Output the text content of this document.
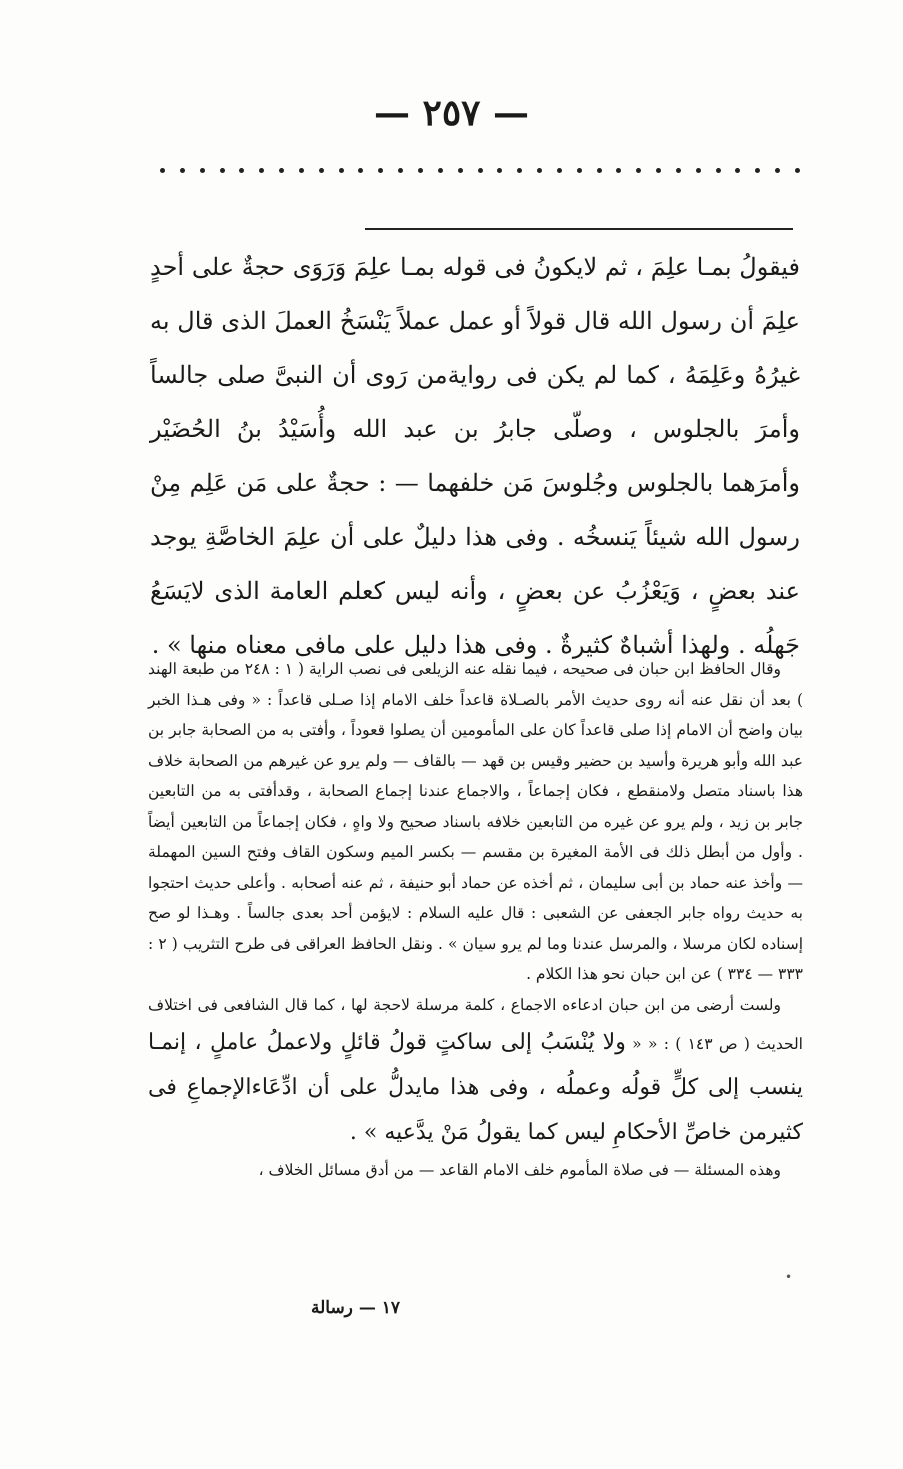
— ٢٥٧ —

فيقولُ بمـا علِمَ ، ثم لايكونُ فى قوله بمـا علِمَ وَرَوَى حجةٌ على أحدٍ علِمَ أن رسول الله قال قولاً أو عمل عملاً يَنْسَخُ العملَ الذى قال به غيرُهُ وعَلِمَهُ ، كما لم يكن فى روايةمن رَوى أن النبىَّ صلى جالساً وأمرَ بالجلوس ، وصلّى جابرُ بن عبد الله وأُسَيْدُ بنُ الحُضَيْر وأمرَهما بالجلوس وجُلوسَ مَن خلفهما — : حجةٌ على مَن عَلِم مِنْ رسول الله شيئاً يَنسخُه . وفى هذا دليلٌ على أن علِمَ الخاصَّةِ يوجد عند بعضٍ ، وَيَعْزُبُ عن بعضٍ ، وأنه ليس كعلم العامة الذى لايَسَعُ جَهلُه . ولهذا أشباهٌ كثيرةٌ . وفى هذا دليل على مافى معناه منها » .

وقال الحافظ ابن حبان فى صحيحه ، فيما نقله عنه الزيلعى فى نصب الراية ( ١ : ٢٤٨ من طبعة الهند ) بعد أن نقل عنه أنه روى حديث الأمر بالصـلاة قاعداً خلف الامام إذا صـلى قاعداً : « وفى هـذا الخبر بيان واضح أن الامام إذا صلى قاعداً كان على المأمومين أن يصلوا قعوداً ، وأفتى به من الصحابة جابر بن عبد الله وأبو هريرة وأسيد بن حضير وقيس بن قهد — بالقاف — ولم يرو عن غيرهم من الصحابة خلاف هذا باسناد متصل ولامنقطع ، فكان إجماعاً ، والاجماع عندنا إجماع الصحابة ، وقدأفتى به من التابعين جابر بن زيد ، ولم يرو عن غيره من التابعين خلافه باسناد صحيح ولا واهٍ ، فكان إجماعاً من التابعين أيضاً . وأول من أبطل ذلك فى الأمة المغيرة بن مقسم — بكسر الميم وسكون القاف وفتح السين المهملة — وأخذ عنه حماد بن أبى سليمان ، ثم أخذه عن حماد أبو حنيفة ، ثم عنه أصحابه . وأعلى حديث احتجوا به حديث رواه جابر الجعفى عن الشعبى : قال عليه السلام : لايؤمن أحد بعدى جالساً . وهـذا لو صح إسناده لكان مرسلا ، والمرسل عندنا وما لم يرو سيان » . ونقل الحافظ العراقى فى طرح التثريب ( ٢ : ٣٣٣ — ٣٣٤ ) عن ابن حبان نحو هذا الكلام .

ولست أرضى من ابن حبان ادعاءه الاجماع ، كلمة مرسلة لاحجة لها ، كما قال الشافعى فى اختلاف الحديث ( ص ١٤٣ ) : « « ولا يُنْسَبُ إلى ساكتٍ قولُ قائلٍ ولاعملُ عاملٍ ، إنمـا ينسب إلى كلٍّ قولُه وعملُه ، وفى هذا مايدلُّ على أن ادِّعَاءالإجماعِ فى كثيرمن خاصِّ الأحكامِ ليس كما يقولُ مَنْ يدَّعيه » .

وهذه المسئلة — فى صلاة المأموم خلف الامام القاعد — من أدق مسائل الخلاف ،

١٧ — رسالة
•
